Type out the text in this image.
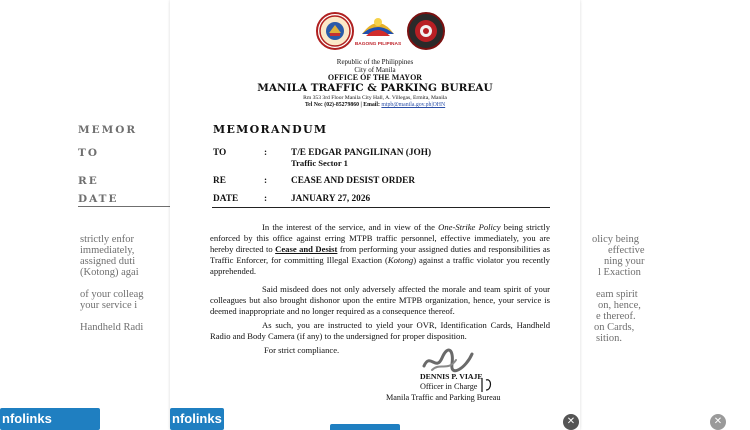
MEMOR
TO
RE
DATE
strictly enfor
immediately,
assigned duti
(Kotong) agai
of your colleag
your service i
Handheld Radi
olicy being
effective
ning your
l Exaction
eam spirit
on, hence,
e thereof.
on Cards,
sition.
BAGONG PILIPINAS
Republic of the Philippines
City of Manila
OFFICE OF THE MAYOR
MANILA TRAFFIC & PARKING BUREAU
Rm 353 3rd Floor Manila City Hall, A. Villegas, Ermita, Manila
Tel No: (02)-85279860 | Email: mtpb@manila.gov.ph|OHN
MEMORANDUM
TO	:	T/E EDGAR PANGILINAN (JOH)
Traffic Sector 1
RE	:	CEASE AND DESIST ORDER
DATE	:	JANUARY 27, 2026
In the interest of the service, and in view of the One-Strike Policy being strictly enforced by this office against erring MTPB traffic personnel, effective immediately, you are hereby directed to Cease and Desist from performing your assigned duties and responsibilities as Traffic Enforcer, for committing Illegal Exaction (Kotong) against a traffic violator you recently apprehended.
Said misdeed does not only adversely affected the morale and team spirit of your colleagues but also brought dishonor upon the entire MTPB organization, hence, your service is deemed inappropriate and no longer required as a consequence thereof.
As such, you are instructed to yield your OVR, Identification Cards, Handheld Radio and Body Camera (if any) to the undersigned for proper disposition.
For strict compliance.
DENNIS P. VIAJE
Officer in Charge
Manila Traffic and Parking Bureau
nfolinks	nfolinks	✕	✕
